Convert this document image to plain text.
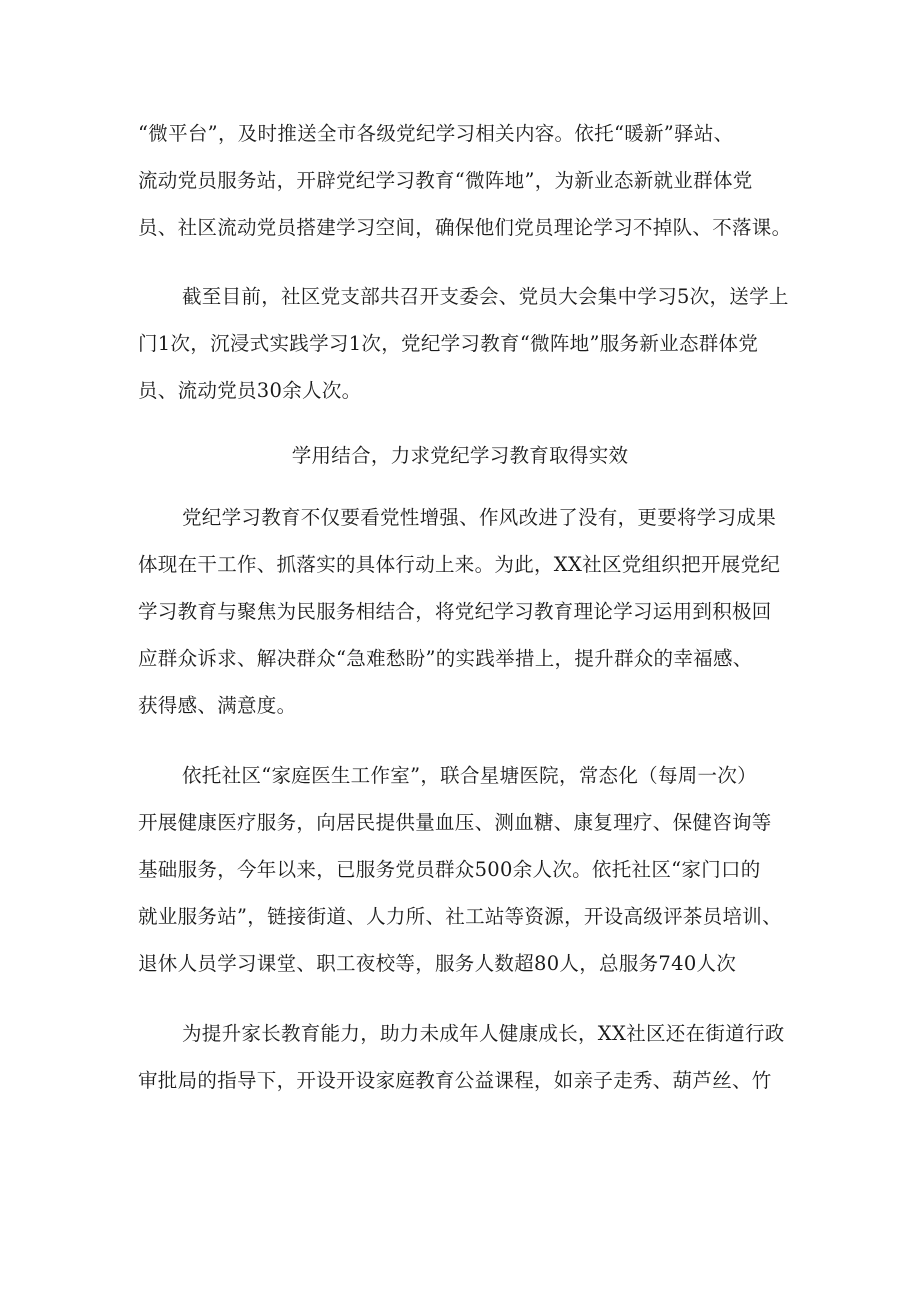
“微平台”，及时推送全市各级党纪学习相关内容。依托“暖新”驿站、
流动党员服务站，开辟党纪学习教育“微阵地”，为新业态新就业群体党
员、社区流动党员搭建学习空间，确保他们党员理论学习不掉队、不落课。
截至目前，社区党支部共召开支委会、党员大会集中学习5次，送学上
门1次，沉浸式实践学习1次，党纪学习教育“微阵地”服务新业态群体党
员、流动党员30余人次。
学用结合，力求党纪学习教育取得实效
党纪学习教育不仅要看党性增强、作风改进了没有，更要将学习成果
体现在干工作、抓落实的具体行动上来。为此，XX社区党组织把开展党纪
学习教育与聚焦为民服务相结合，将党纪学习教育理论学习运用到积极回
应群众诉求、解决群众“急难愁盼”的实践举措上，提升群众的幸福感、
获得感、满意度。
依托社区“家庭医生工作室”，联合星塘医院，常态化（每周一次）
开展健康医疗服务，向居民提供量血压、测血糖、康复理疗、保健咨询等
基础服务，今年以来，已服务党员群众500余人次。依托社区“家门口的
就业服务站”，链接街道、人力所、社工站等资源，开设高级评茶员培训、
退休人员学习课堂、职工夜校等，服务人数超80人，总服务740人次
为提升家长教育能力，助力未成年人健康成长，XX社区还在街道行政
审批局的指导下，开设开设家庭教育公益课程，如亲子走秀、葫芦丝、竹
